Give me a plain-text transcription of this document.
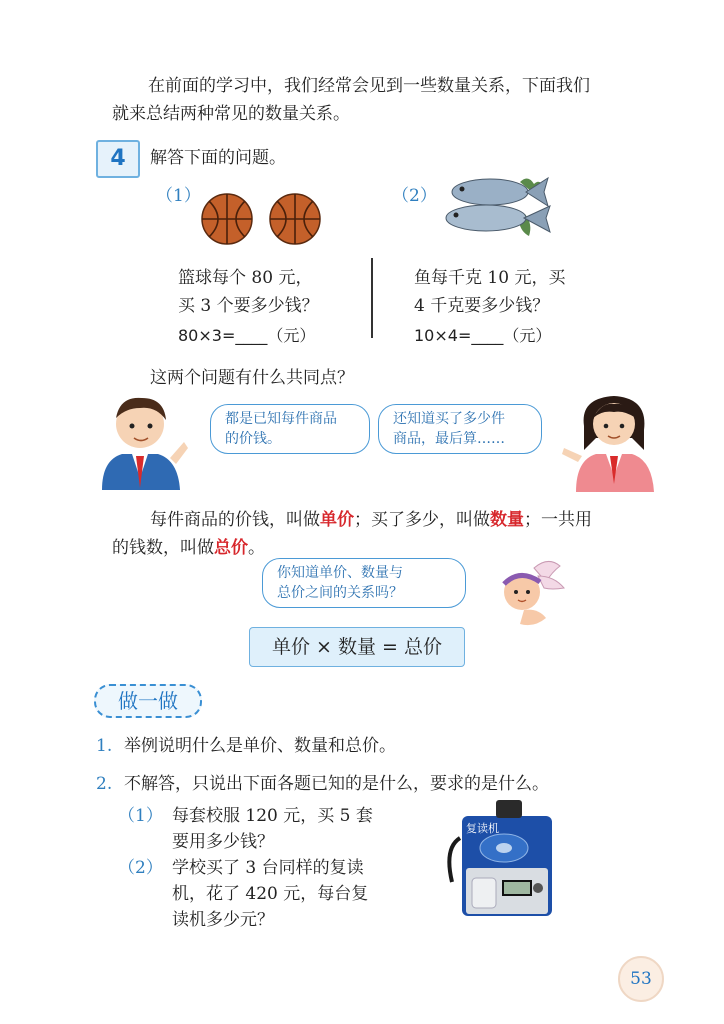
在前面的学习中，我们经常会见到一些数量关系，下面我们
就来总结两种常见的数量关系。
4	解答下面的问题。
（1）
篮球每个 80 元，
买 3 个要多少钱？
80×3=____（元）
（2）
鱼每千克 10 元，买
4 千克要多少钱？
10×4=____（元）
这两个问题有什么共同点？
都是已知每件商品
的价钱。
还知道买了多少件
商品，最后算……
每件商品的价钱，叫做单价；买了多少，叫做数量；一共用
的钱数，叫做总价。
你知道单价、数量与
总价之间的关系吗？
单价 × 数量 = 总价
做一做
1. 举例说明什么是单价、数量和总价。
2. 不解答，只说出下面各题已知的是什么，要求的是什么。
（1） 每套校服 120 元，买 5 套
要用多少钱？
（2） 学校买了 3 台同样的复读
机，花了 420 元，每台复
读机多少元？
复读机
53
